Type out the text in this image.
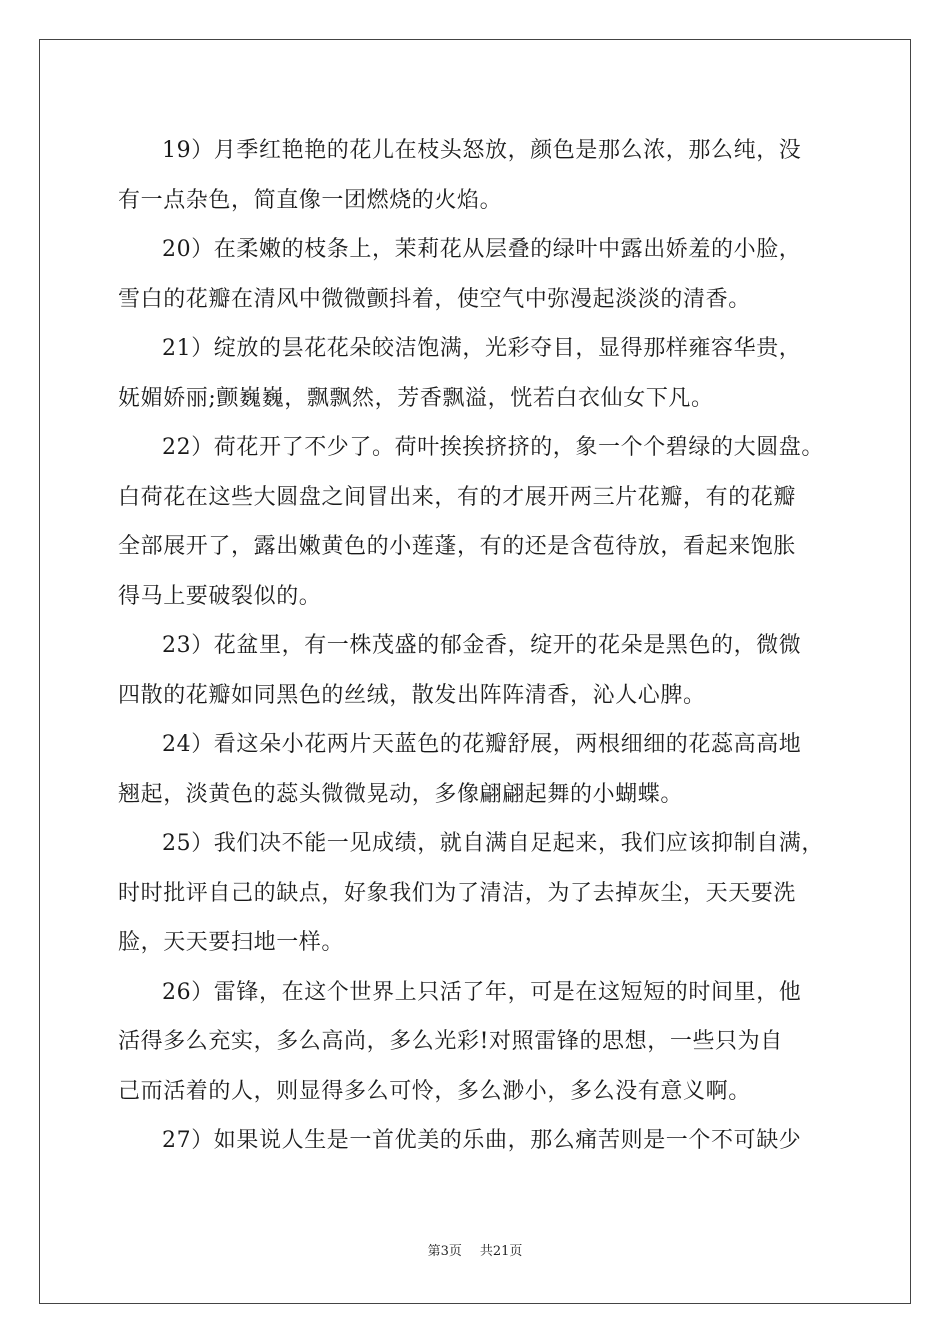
19）月季红艳艳的花儿在枝头怒放，颜色是那么浓，那么纯，没
有一点杂色，简直像一团燃烧的火焰。
20）在柔嫩的枝条上，茉莉花从层叠的绿叶中露出娇羞的小脸，
雪白的花瓣在清风中微微颤抖着，使空气中弥漫起淡淡的清香。
21）绽放的昙花花朵皎洁饱满，光彩夺目，显得那样雍容华贵，
妩媚娇丽;颤巍巍，飘飘然，芳香飘溢，恍若白衣仙女下凡。
22）荷花开了不少了。荷叶挨挨挤挤的，象一个个碧绿的大圆盘。
白荷花在这些大圆盘之间冒出来，有的才展开两三片花瓣，有的花瓣
全部展开了，露出嫩黄色的小莲蓬，有的还是含苞待放，看起来饱胀
得马上要破裂似的。
23）花盆里，有一株茂盛的郁金香，绽开的花朵是黑色的，微微
四散的花瓣如同黑色的丝绒，散发出阵阵清香，沁人心脾。
24）看这朵小花两片天蓝色的花瓣舒展，两根细细的花蕊高高地
翘起，淡黄色的蕊头微微晃动，多像翩翩起舞的小蝴蝶。
25）我们决不能一见成绩，就自满自足起来，我们应该抑制自满，
时时批评自己的缺点，好象我们为了清洁，为了去掉灰尘，天天要洗
脸，天天要扫地一样。
26）雷锋，在这个世界上只活了年，可是在这短短的时间里，他
活得多么充实，多么高尚，多么光彩!对照雷锋的思想，一些只为自
己而活着的人，则显得多么可怜，多么渺小，多么没有意义啊。
27）如果说人生是一首优美的乐曲，那么痛苦则是一个不可缺少
第3页 共21页
